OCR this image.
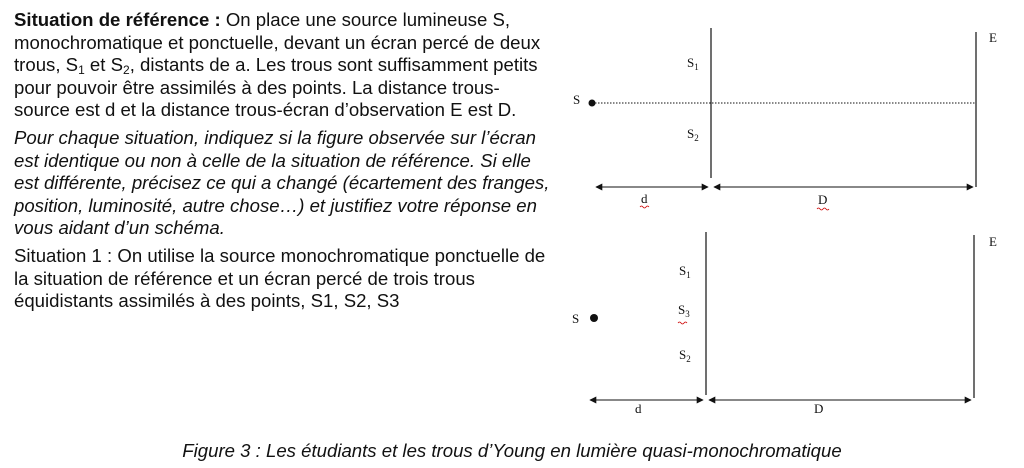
Situation de référence : On place une source lumineuse S, monochromatique et ponctuelle, devant un écran percé de deux trous, $S_1$ et $S_2$, distants de a. Les trous sont suffisamment petits pour pouvoir être assimilés à des points. La distance trous-source est d et la distance trous-écran d’observation E est D.

Pour chaque situation, indiquez si la figure observée sur l’écran est identique ou non à celle de la situation de référence. Si elle est différente, précisez ce qui a changé (écartement des franges, position, luminosité, autre chose…) et justifiez votre réponse en vous aidant d’un schéma.

Situation 1 : On utilise la source monochromatique ponctuelle de la situation de référence et un écran percé de trois trous équidistants assimilés à des points, S1, S2, S3

S
$S_1$
$S_2$
E
d	D
S
$S_1$
$S_3$
$S_2$
E
d	D
Figure 3 : Les étudiants et les trous d’Young en lumière quasi-monochromatique
